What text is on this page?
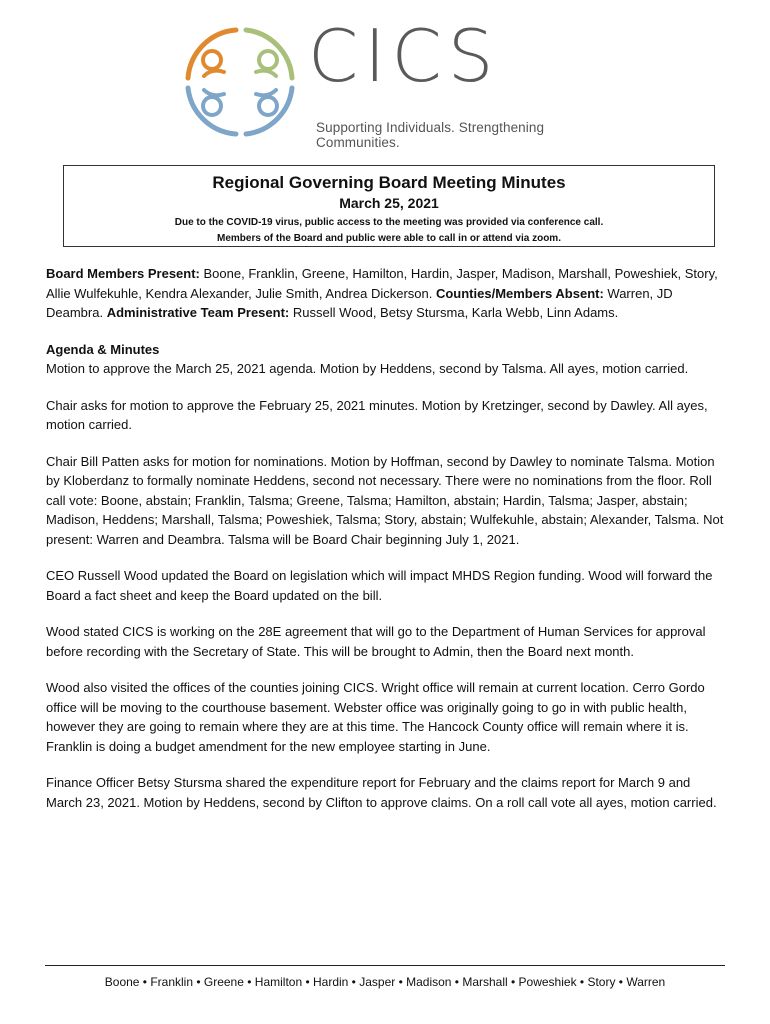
CICS
Supporting Individuals. Strengthening Communities.
Regional Governing Board Meeting Minutes
March 25, 2021
Due to the COVID-19 virus, public access to the meeting was provided via conference call.
Members of the Board and public were able to call in or attend via zoom.

Board Members Present: Boone, Franklin, Greene, Hamilton, Hardin, Jasper, Madison, Marshall, Poweshiek, Story, Allie Wulfekuhle, Kendra Alexander, Julie Smith, Andrea Dickerson. Counties/Members Absent: Warren, JD Deambra. Administrative Team Present: Russell Wood, Betsy Stursma, Karla Webb, Linn Adams.

Agenda & Minutes
Motion to approve the March 25, 2021 agenda. Motion by Heddens, second by Talsma. All ayes, motion carried.

Chair asks for motion to approve the February 25, 2021 minutes. Motion by Kretzinger, second by Dawley. All ayes, motion carried.

Chair Bill Patten asks for motion for nominations. Motion by Hoffman, second by Dawley to nominate Talsma. Motion by Kloberdanz to formally nominate Heddens, second not necessary. There were no nominations from the floor. Roll call vote: Boone, abstain; Franklin, Talsma; Greene, Talsma; Hamilton, abstain; Hardin, Talsma; Jasper, abstain; Madison, Heddens; Marshall, Talsma; Poweshiek, Talsma; Story, abstain; Wulfekuhle, abstain; Alexander, Talsma. Not present: Warren and Deambra. Talsma will be Board Chair beginning July 1, 2021.

CEO Russell Wood updated the Board on legislation which will impact MHDS Region funding. Wood will forward the Board a fact sheet and keep the Board updated on the bill.

Wood stated CICS is working on the 28E agreement that will go to the Department of Human Services for approval before recording with the Secretary of State. This will be brought to Admin, then the Board next month.

Wood also visited the offices of the counties joining CICS. Wright office will remain at current location. Cerro Gordo office will be moving to the courthouse basement. Webster office was originally going to go in with public health, however they are going to remain where they are at this time. The Hancock County office will remain where it is. Franklin is doing a budget amendment for the new employee starting in June.

Finance Officer Betsy Stursma shared the expenditure report for February and the claims report for March 9 and March 23, 2021. Motion by Heddens, second by Clifton to approve claims. On a roll call vote all ayes, motion carried.

Boone • Franklin • Greene • Hamilton • Hardin • Jasper • Madison • Marshall • Poweshiek • Story • Warren
